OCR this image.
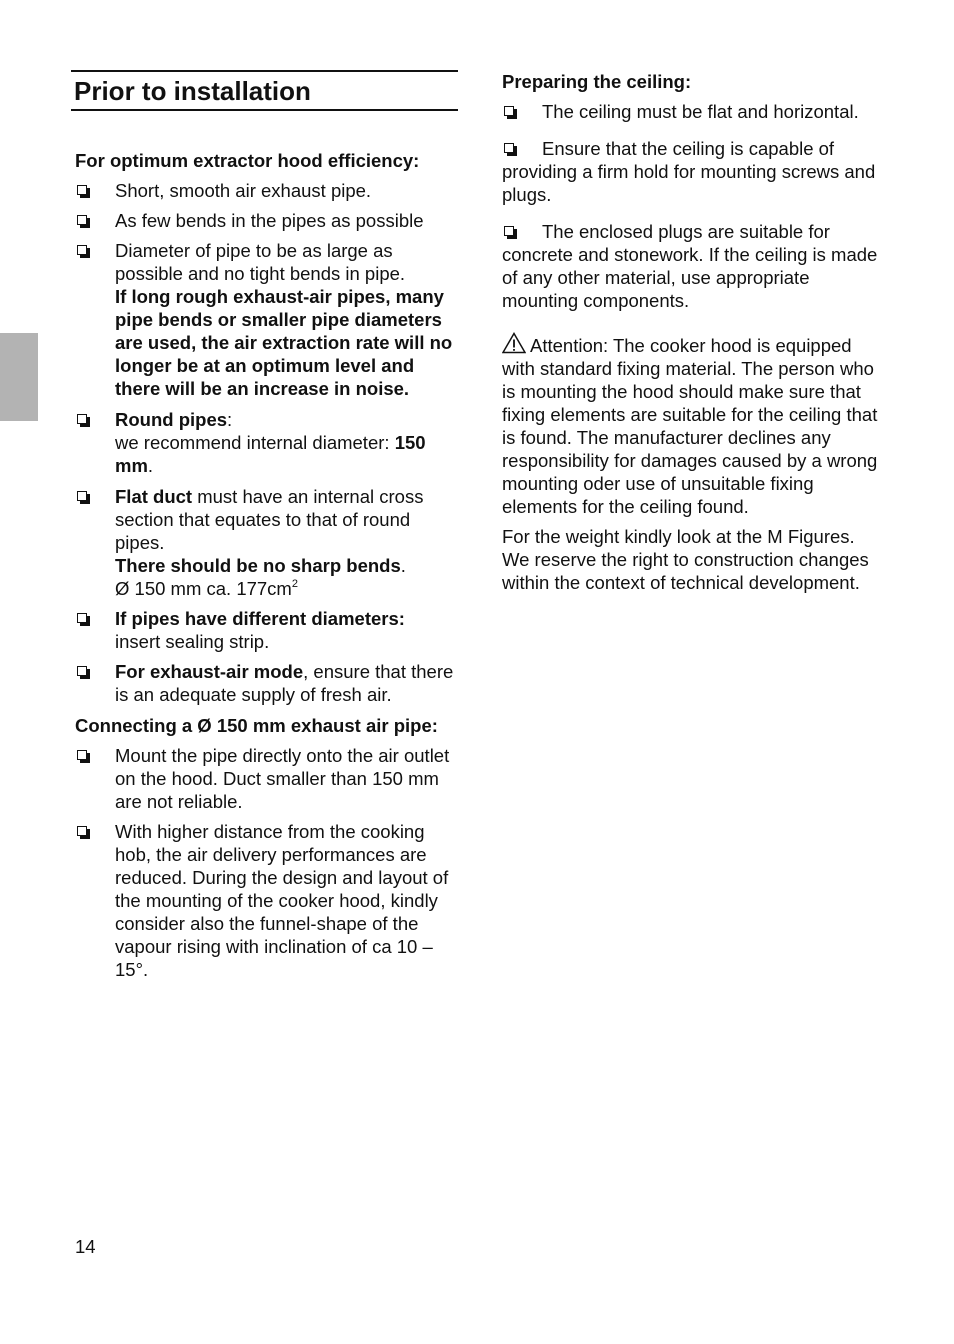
Prior to installation

For optimum extractor hood efficiency:

Short, smooth air exhaust pipe.
As few bends in the pipes as possible
Diameter of pipe to be as large as possible and no tight bends in pipe.
If long rough exhaust-air pipes, many pipe bends or smaller pipe diameters are used, the air extraction rate will no longer be at an optimum level and there will be an increase in noise.
Round pipes:
we recommend internal diameter: 150 mm.
Flat duct must have an internal cross section that equates to that of round pipes.
There should be no sharp bends.
Ø 150 mm ca. $177cm^2$
If pipes have different diameters:
insert sealing strip.
For exhaust-air mode, ensure that there is an adequate supply of fresh air.

Connecting a Ø 150 mm exhaust air pipe:

Mount the pipe directly onto the air outlet on the hood. Duct smaller than 150 mm are not reliable.
With higher distance from the cooking hob, the air delivery performances are reduced. During the design and layout of the mounting of the cooker hood, kindly consider also the funnel-shape of the vapour rising with inclination of ca 10 – 15°.

Preparing the ceiling:

The ceiling must be flat and horizontal.
Ensure that the ceiling is capable of providing a firm hold for mounting screws and plugs.
The enclosed plugs are suitable for concrete and stonework. If the ceiling is made of any other material, use appropriate mounting components.

Attention: The cooker hood is equipped with standard fixing material. The person who is mounting the hood should make sure that fixing elements are suitable for the ceiling that is found. The manufacturer declines any responsibility for damages caused by a wrong mounting oder use of unsuitable fixing elements for the ceiling found.

For the weight kindly look at the M Figures. We reserve the right to construction changes within the context of technical development.

14
